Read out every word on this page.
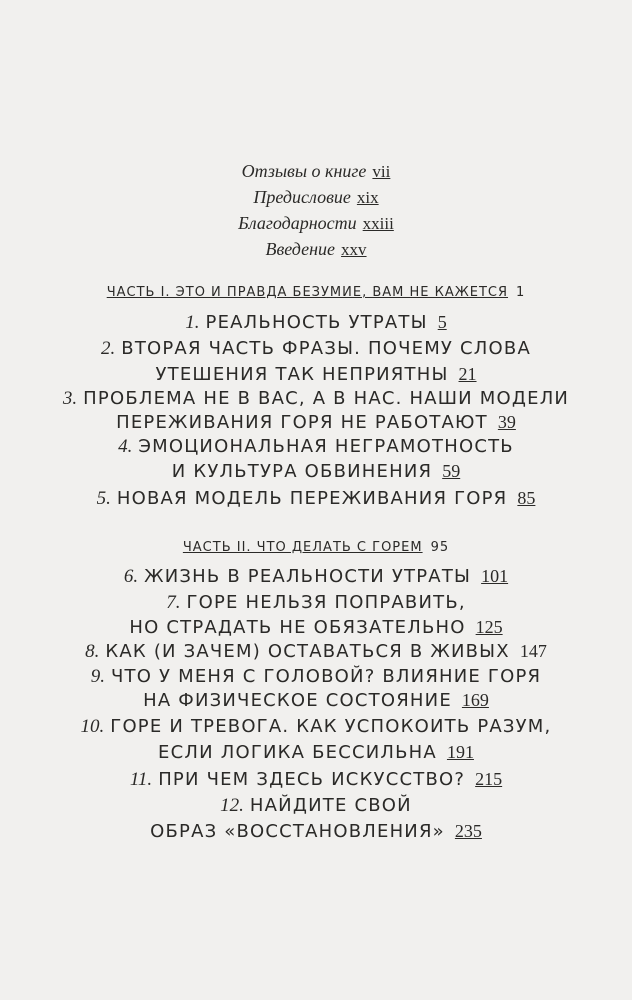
Отзывы о книге vii
Предисловие xix
Благодарности xxiii
Введение xxv
ЧАСТЬ I. ЭТО И ПРАВДА БЕЗУМИЕ, ВАМ НЕ КАЖЕТСЯ 1
1. РЕАЛЬНОСТЬ УТРАТЫ 5
2. ВТОРАЯ ЧАСТЬ ФРАЗЫ. ПОЧЕМУ СЛОВА
УТЕШЕНИЯ ТАК НЕПРИЯТНЫ 21
3. ПРОБЛЕМА НЕ В ВАС, А В НАС. НАШИ МОДЕЛИ
ПЕРЕЖИВАНИЯ ГОРЯ НЕ РАБОТАЮТ 39
4. ЭМОЦИОНАЛЬНАЯ НЕГРАМОТНОСТЬ
И КУЛЬТУРА ОБВИНЕНИЯ 59
5. НОВАЯ МОДЕЛЬ ПЕРЕЖИВАНИЯ ГОРЯ 85
ЧАСТЬ II. ЧТО ДЕЛАТЬ С ГОРЕМ 95
6. ЖИЗНЬ В РЕАЛЬНОСТИ УТРАТЫ 101
7. ГОРЕ НЕЛЬЗЯ ПОПРАВИТЬ,
НО СТРАДАТЬ НЕ ОБЯЗАТЕЛЬНО 125
8. КАК (И ЗАЧЕМ) ОСТАВАТЬСЯ В ЖИВЫХ 147
9. ЧТО У МЕНЯ С ГОЛОВОЙ? ВЛИЯНИЕ ГОРЯ
НА ФИЗИЧЕСКОЕ СОСТОЯНИЕ 169
10. ГОРЕ И ТРЕВОГА. КАК УСПОКОИТЬ РАЗУМ,
ЕСЛИ ЛОГИКА БЕССИЛЬНА 191
11. ПРИ ЧЕМ ЗДЕСЬ ИСКУССТВО? 215
12. НАЙДИТЕ СВОЙ
ОБРАЗ «ВОССТАНОВЛЕНИЯ» 235
